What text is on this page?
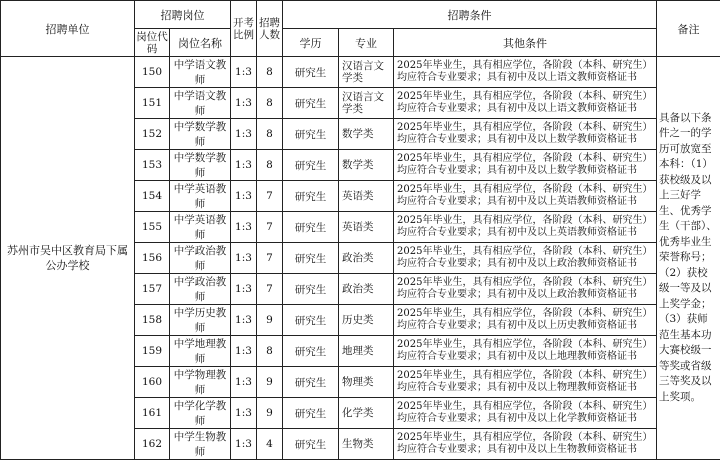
招聘单位	招聘岗位		开考比例	招聘人数	招聘条件			备注
	岗位代码	岗位名称			学历	专业	其他条件	
苏州市吴中区教育局下属公办学校	150	中学语文教师	1:3	8	研究生	汉语言文学类	2025年毕业生，具有相应学位，各阶段（本科、研究生）均应符合专业要求；具有初中及以上语文教师资格证书	具备以下条件之一的学历可放宽至本科：（1）获校级及以上三好学生、优秀学生（干部）、优秀毕业生荣誉称号；（2）获校级一等及以上奖学金；（3）获师范生基本功大赛校级一等奖或省级三等奖及以上奖项。
	151	中学语文教师	1:3	8	研究生	汉语言文学类	2025年毕业生，具有相应学位，各阶段（本科、研究生）均应符合专业要求；具有初中及以上语文教师资格证书	
	152	中学数学教师	1:3	8	研究生	数学类	2025年毕业生，具有相应学位，各阶段（本科、研究生）均应符合专业要求；具有初中及以上数学教师资格证书	
	153	中学数学教师	1:3	8	研究生	数学类	2025年毕业生，具有相应学位，各阶段（本科、研究生）均应符合专业要求；具有初中及以上数学教师资格证书	
	154	中学英语教师	1:3	7	研究生	英语类	2025年毕业生，具有相应学位，各阶段（本科、研究生）均应符合专业要求；具有初中及以上英语教师资格证书	
	155	中学英语教师	1:3	7	研究生	英语类	2025年毕业生，具有相应学位，各阶段（本科、研究生）均应符合专业要求；具有初中及以上英语教师资格证书	
	156	中学政治教师	1:3	7	研究生	政治类	2025年毕业生，具有相应学位，各阶段（本科、研究生）均应符合专业要求；具有初中及以上政治教师资格证书	
	157	中学政治教师	1:3	7	研究生	政治类	2025年毕业生，具有相应学位，各阶段（本科、研究生）均应符合专业要求；具有初中及以上政治教师资格证书	
	158	中学历史教师	1:3	9	研究生	历史类	2025年毕业生，具有相应学位，各阶段（本科、研究生）均应符合专业要求；具有初中及以上历史教师资格证书	
	159	中学地理教师	1:3	8	研究生	地理类	2025年毕业生，具有相应学位，各阶段（本科、研究生）均应符合专业要求；具有初中及以上地理教师资格证书	
	160	中学物理教师	1:3	9	研究生	物理类	2025年毕业生，具有相应学位，各阶段（本科、研究生）均应符合专业要求；具有初中及以上物理教师资格证书	
	161	中学化学教师	1:3	9	研究生	化学类	2025年毕业生，具有相应学位，各阶段（本科、研究生）均应符合专业要求；具有初中及以上化学教师资格证书	
	162	中学生物教师	1:3	4	研究生	生物类	2025年毕业生，具有相应学位，各阶段（本科、研究生）均应符合专业要求；具有初中及以上生物教师资格证书	
